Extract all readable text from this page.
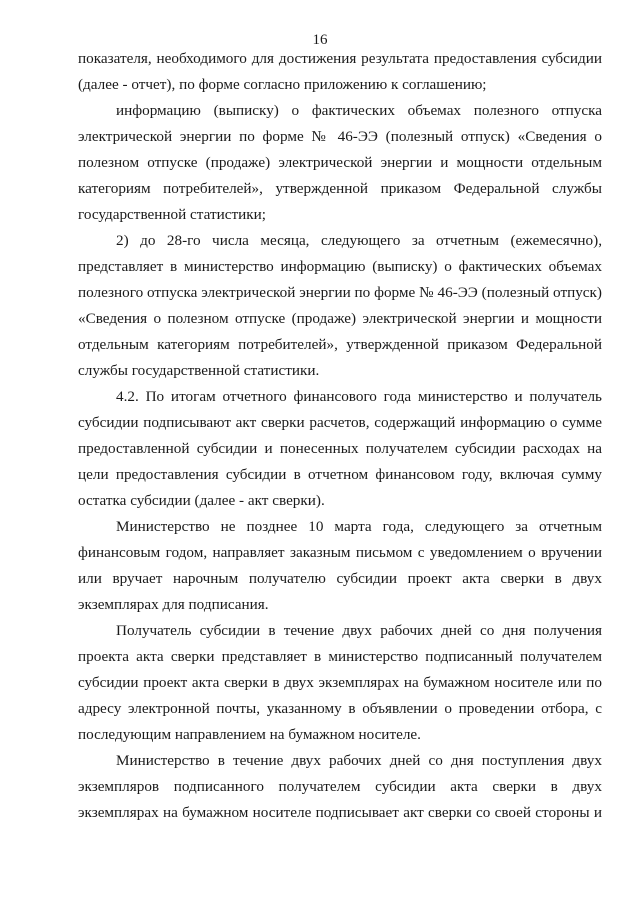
16

показателя, необходимого для достижения результата предоставления субсидии (далее - отчет), по форме согласно приложению к соглашению;

информацию (выписку) о фактических объемах полезного отпуска электрической энергии по форме № 46-ЭЭ (полезный отпуск) «Сведения о полезном отпуске (продаже) электрической энергии и мощности отдельным категориям потребителей», утвержденной приказом Федеральной службы государственной статистики;

2) до 28-го числа месяца, следующего за отчетным (ежемесячно), представляет в министерство информацию (выписку) о фактических объемах полезного отпуска электрической энергии по форме № 46-ЭЭ (полезный отпуск) «Сведения о полезном отпуске (продаже) электрической энергии и мощности отдельным категориям потребителей», утвержденной приказом Федеральной службы государственной статистики.

4.2. По итогам отчетного финансового года министерство и получатель субсидии подписывают акт сверки расчетов, содержащий информацию о сумме предоставленной субсидии и понесенных получателем субсидии расходах на цели предоставления субсидии в отчетном финансовом году, включая сумму остатка субсидии (далее - акт сверки).

Министерство не позднее 10 марта года, следующего за отчетным финансовым годом, направляет заказным письмом с уведомлением о вручении или вручает нарочным получателю субсидии проект акта сверки в двух экземплярах для подписания.

Получатель субсидии в течение двух рабочих дней со дня получения проекта акта сверки представляет в министерство подписанный получателем субсидии проект акта сверки в двух экземплярах на бумажном носителе или по адресу электронной почты, указанному в объявлении о проведении отбора, с последующим направлением на бумажном носителе.

Министерство в течение двух рабочих дней со дня поступления двух экземпляров подписанного получателем субсидии акта сверки в двух экземплярах на бумажном носителе подписывает акт сверки со своей стороны и
